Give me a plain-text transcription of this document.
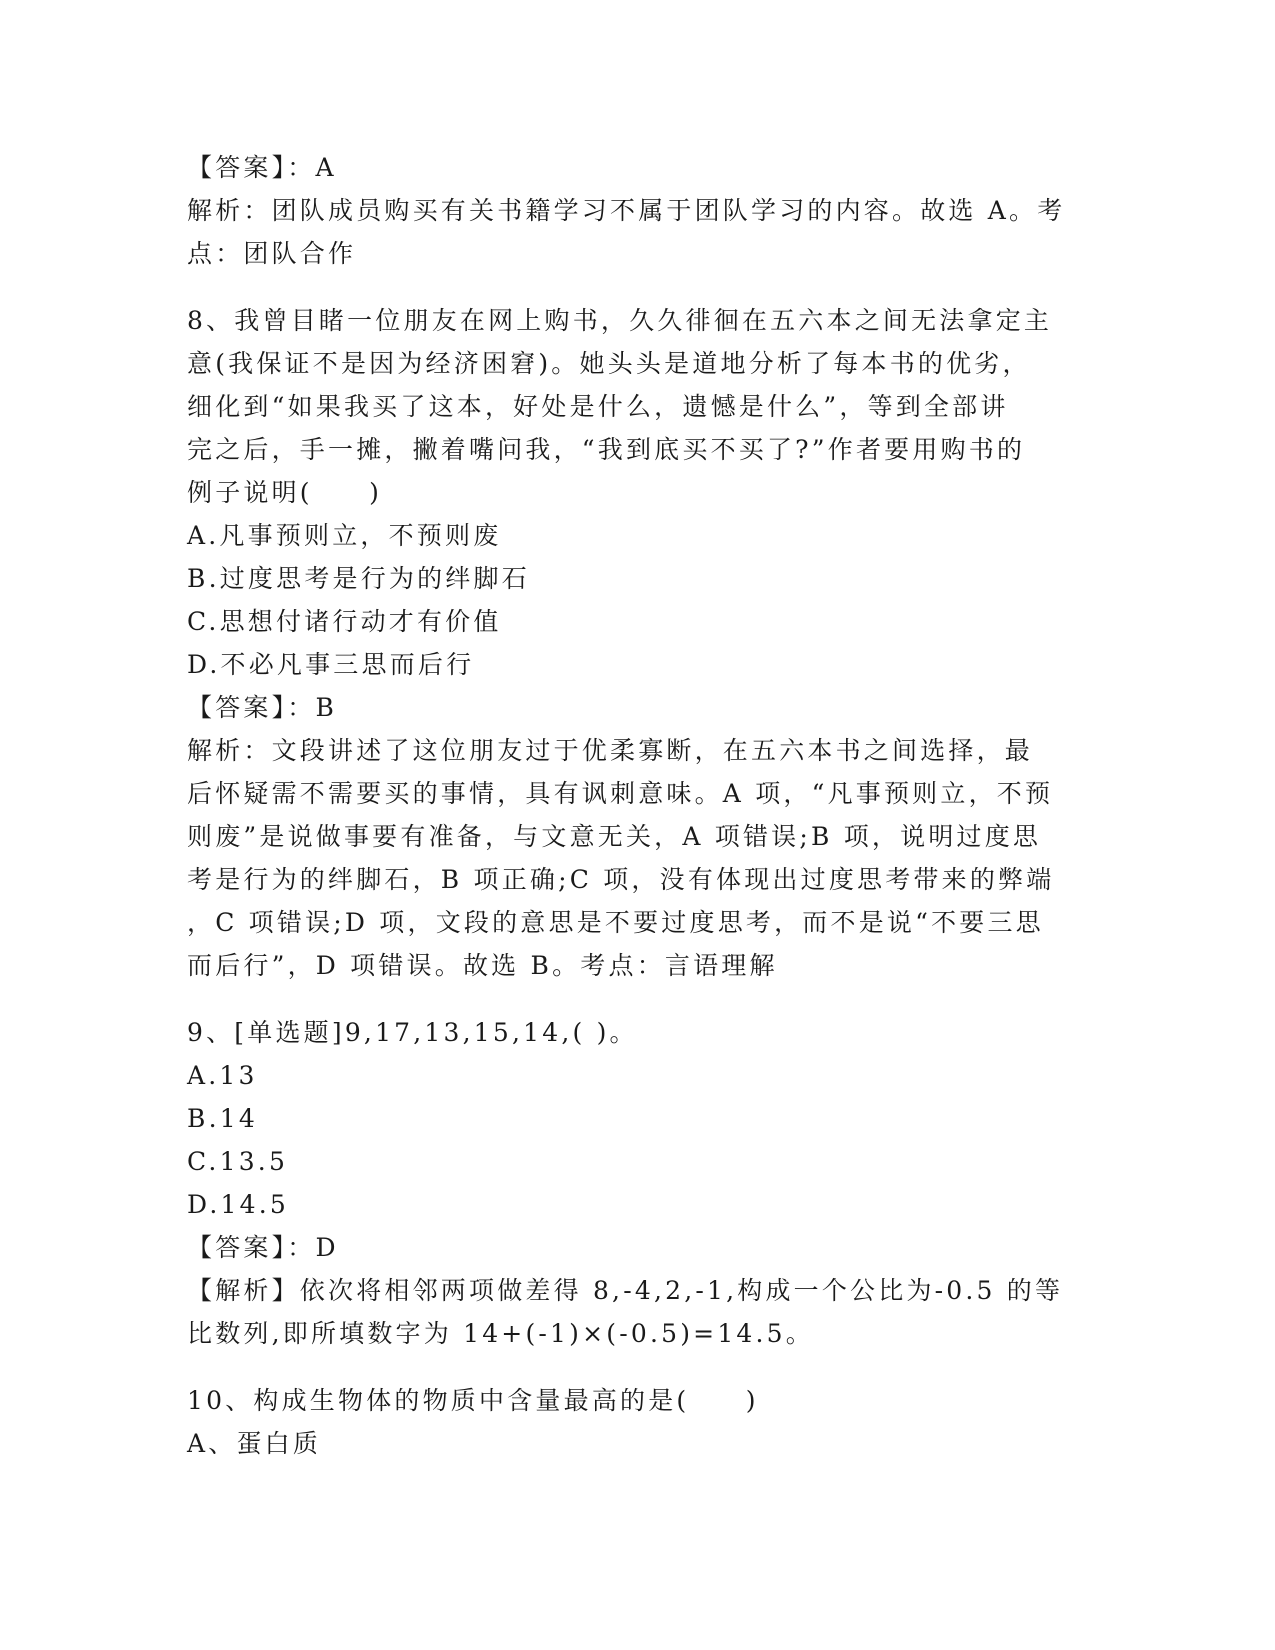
【答案】：A
解析：团队成员购买有关书籍学习不属于团队学习的内容。故选 A。考
点：团队合作
8、我曾目睹一位朋友在网上购书，久久徘徊在五六本之间无法拿定主
意(我保证不是因为经济困窘)。她头头是道地分析了每本书的优劣，
细化到“如果我买了这本，好处是什么，遗憾是什么”，等到全部讲
完之后，手一摊，撇着嘴问我，“我到底买不买了?”作者要用购书的
例子说明(　　)
A.凡事预则立，不预则废
B.过度思考是行为的绊脚石
C.思想付诸行动才有价值
D.不必凡事三思而后行
【答案】：B
解析：文段讲述了这位朋友过于优柔寡断，在五六本书之间选择，最
后怀疑需不需要买的事情，具有讽刺意味。A 项，“凡事预则立，不预
则废”是说做事要有准备，与文意无关，A 项错误;B 项，说明过度思
考是行为的绊脚石，B 项正确;C 项，没有体现出过度思考带来的弊端
，C 项错误;D 项，文段的意思是不要过度思考，而不是说“不要三思
而后行”，D 项错误。故选 B。考点：言语理解
9、[单选题]9,17,13,15,14,( )。
A.13
B.14
C.13.5
D.14.5
【答案】：D
【解析】依次将相邻两项做差得 8,-4,2,-1,构成一个公比为-0.5 的等
比数列,即所填数字为 14+(-1)×(-0.5)=14.5。
10、构成生物体的物质中含量最高的是(　　)
A、蛋白质
